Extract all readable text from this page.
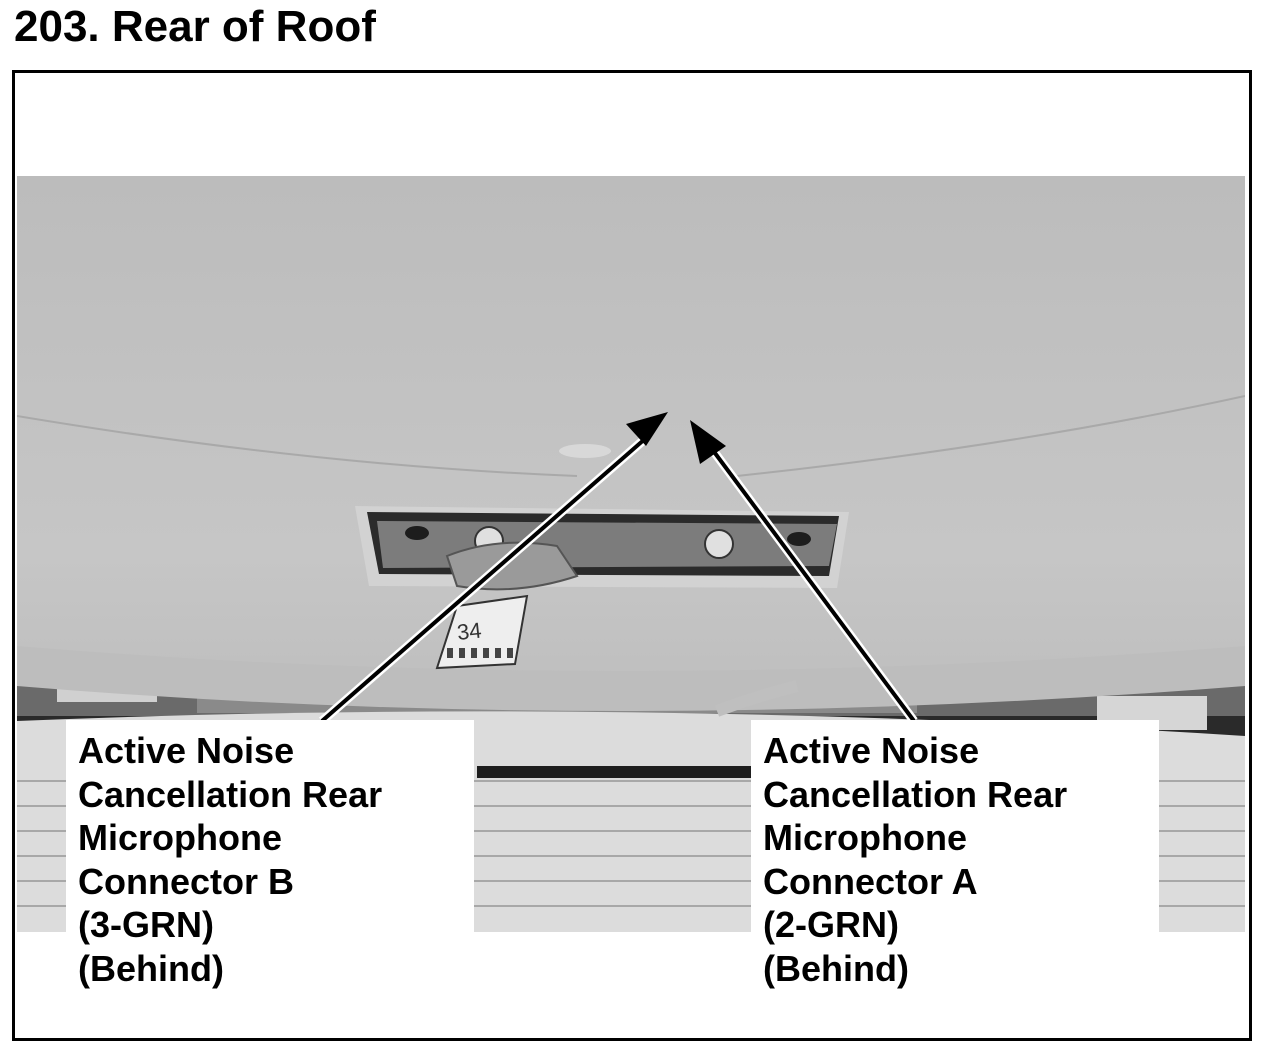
203. Rear of Roof
34
Active Noise
Cancellation Rear
Microphone
Connector B
(3-GRN)
(Behind)
Active Noise
Cancellation Rear
Microphone
Connector A
(2-GRN)
(Behind)
